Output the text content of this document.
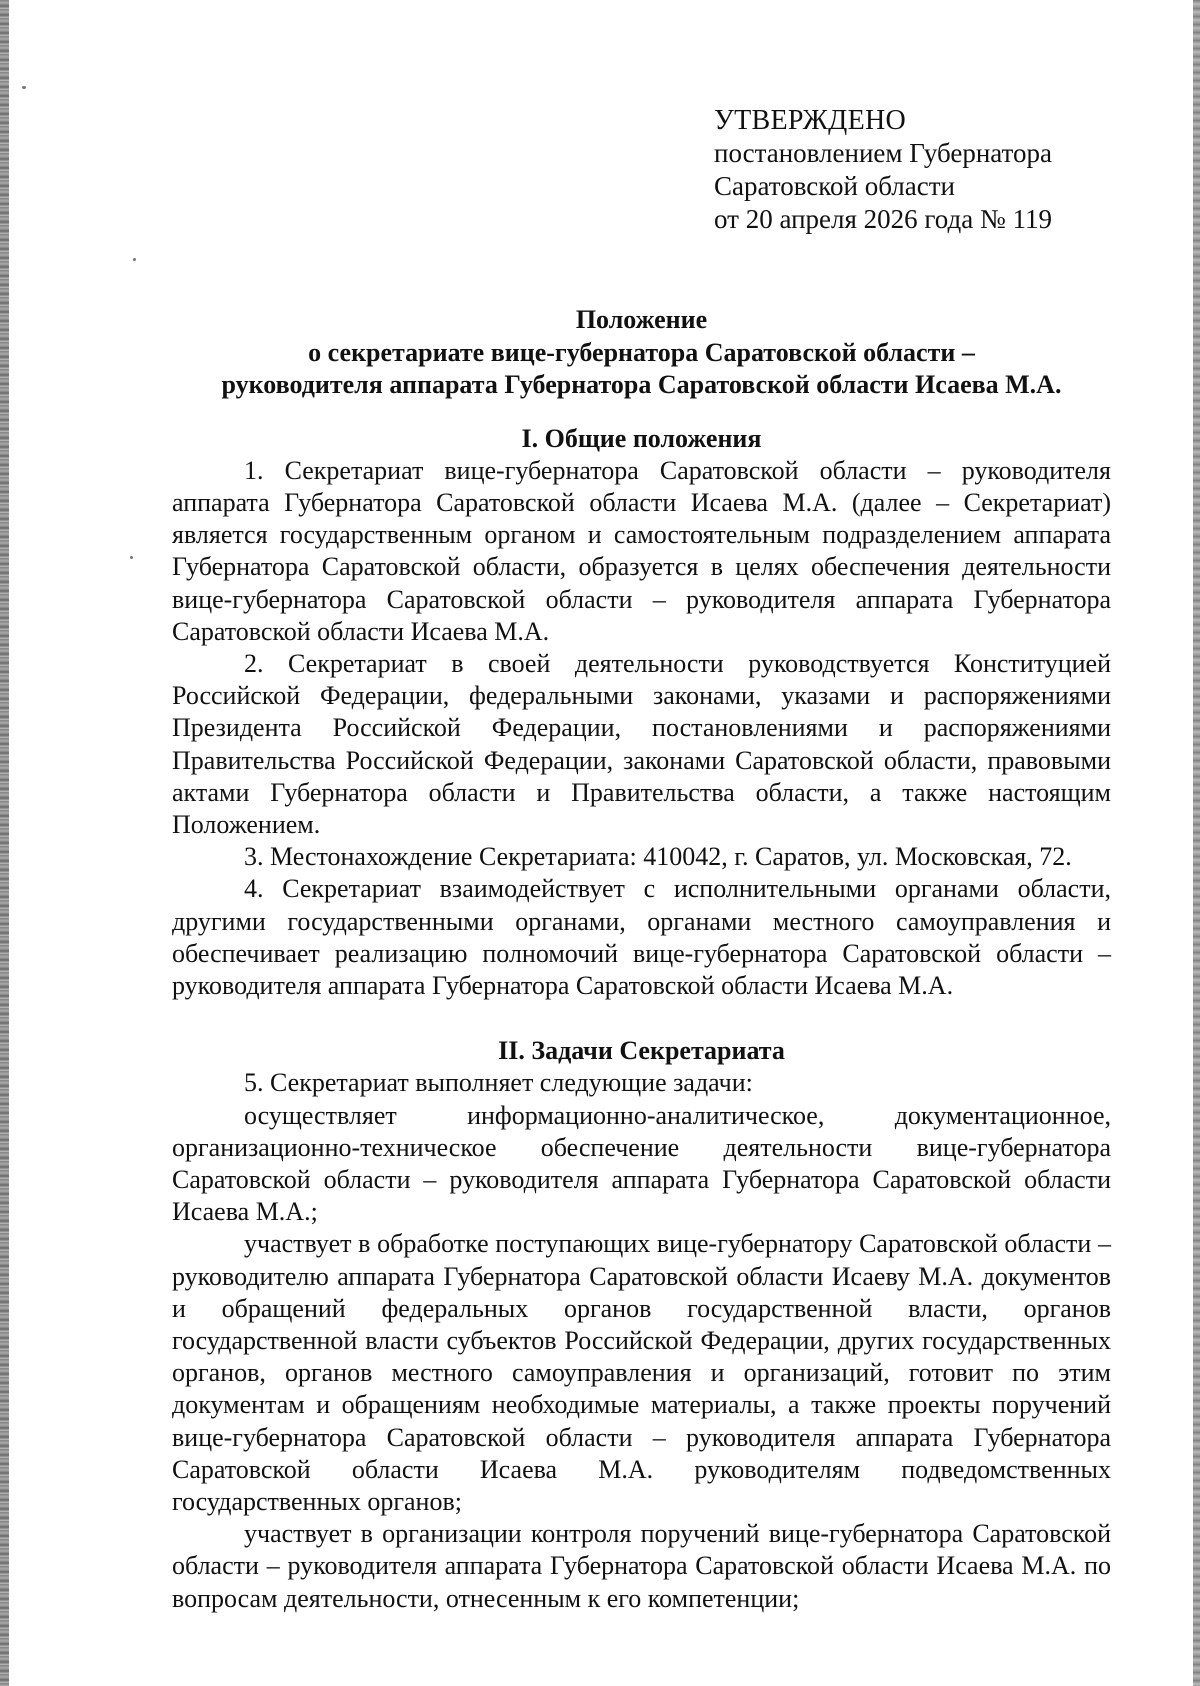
УТВЕРЖДЕНО
постановлением Губернатора
Саратовской области
от 20 апреля 2026 года № 119
Положение
о секретариате вице-губернатора Саратовской области –
руководителя аппарата Губернатора Саратовской области Исаева М.А.
I. Общие положения

1. Секретариат вице-губернатора Саратовской области – руководителя аппарата Губернатора Саратовской области Исаева М.А. (далее – Секретариат) является государственным органом и самостоятельным подразделением аппарата Губернатора Саратовской области, образуется в целях обеспечения деятельности вице-губернатора Саратовской области – руководителя аппарата Губернатора Саратовской области Исаева М.А.

2. Секретариат в своей деятельности руководствуется Конституцией Российской Федерации, федеральными законами, указами и распоряжениями Президента Российской Федерации, постановлениями и распоряжениями Правительства Российской Федерации, законами Саратовской области, правовыми актами Губернатора области и Правительства области, а также настоящим Положением.

3. Местонахождение Секретариата: 410042, г. Саратов, ул. Московская, 72.

4. Секретариат взаимодействует с исполнительными органами области, другими государственными органами, органами местного самоуправления и обеспечивает реализацию полномочий вице-губернатора Саратовской области – руководителя аппарата Губернатора Саратовской области Исаева М.А.

II. Задачи Секретариата

5. Секретариат выполняет следующие задачи:

осуществляет информационно-аналитическое, документационное, организационно-техническое обеспечение деятельности вице-губернатора Саратовской области – руководителя аппарата Губернатора Саратовской области Исаева М.А.;

участвует в обработке поступающих вице-губернатору Саратовской области – руководителю аппарата Губернатора Саратовской области Исаеву М.А. документов и обращений федеральных органов государственной власти, органов государственной власти субъектов Российской Федерации, других государственных органов, органов местного самоуправления и организаций, готовит по этим документам и обращениям необходимые материалы, а также проекты поручений вице-губернатора Саратовской области – руководителя аппарата Губернатора Саратовской области Исаева М.А. руководителям подведомственных государственных органов;

участвует в организации контроля поручений вице-губернатора Саратовской области – руководителя аппарата Губернатора Саратовской области Исаева М.А. по вопросам деятельности, отнесенным к его компетенции;
